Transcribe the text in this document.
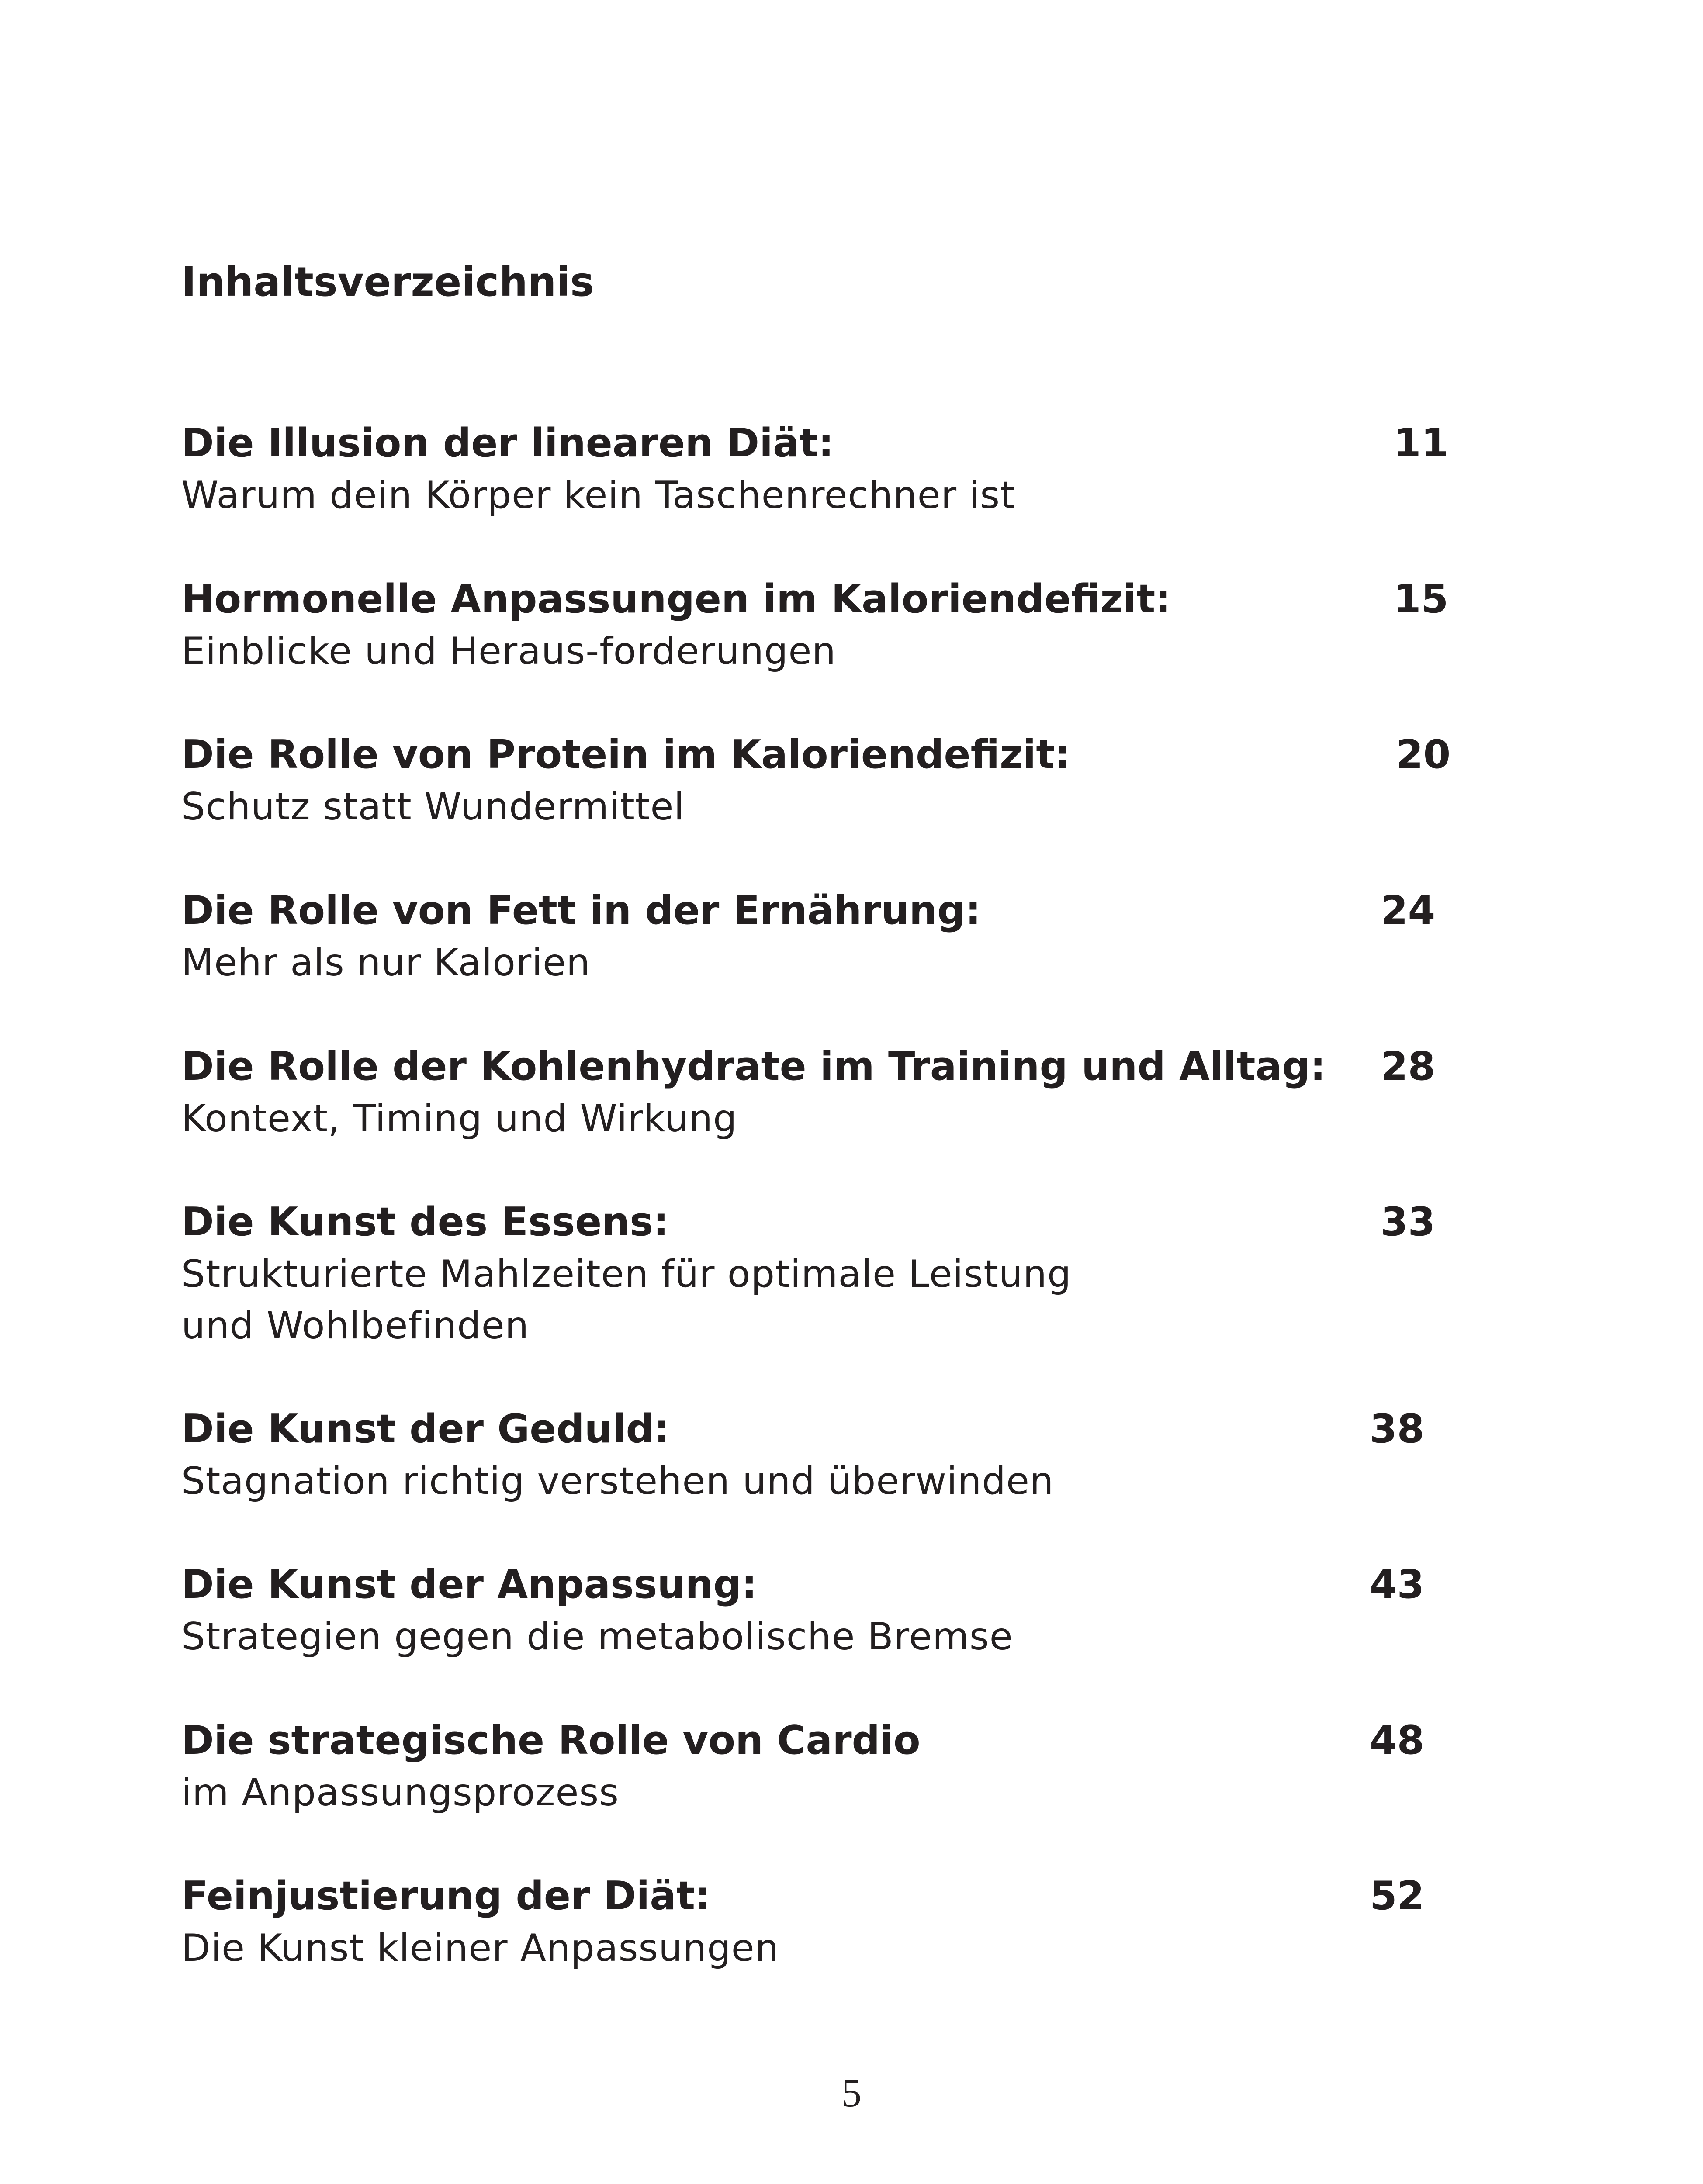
Inhaltsverzeichnis
Die Illusion der linearen Diät:
Warum dein Körper kein Taschenrechner ist
11
Hormonelle Anpassungen im Kaloriendefizit:
Einblicke und Heraus-forderungen
15
Die Rolle von Protein im Kaloriendefizit:
Schutz statt Wundermittel
20
Die Rolle von Fett in der Ernährung:
Mehr als nur Kalorien
24
Die Rolle der Kohlenhydrate im Training und Alltag:
Kontext, Timing und Wirkung
28
Die Kunst des Essens:
Strukturierte Mahlzeiten für optimale Leistung
und Wohlbefinden
33
Die Kunst der Geduld:
Stagnation richtig verstehen und überwinden
38
Die Kunst der Anpassung:
Strategien gegen die metabolische Bremse
43
Die strategische Rolle von Cardio
im Anpassungsprozess
48
Feinjustierung der Diät:
Die Kunst kleiner Anpassungen
52
5
